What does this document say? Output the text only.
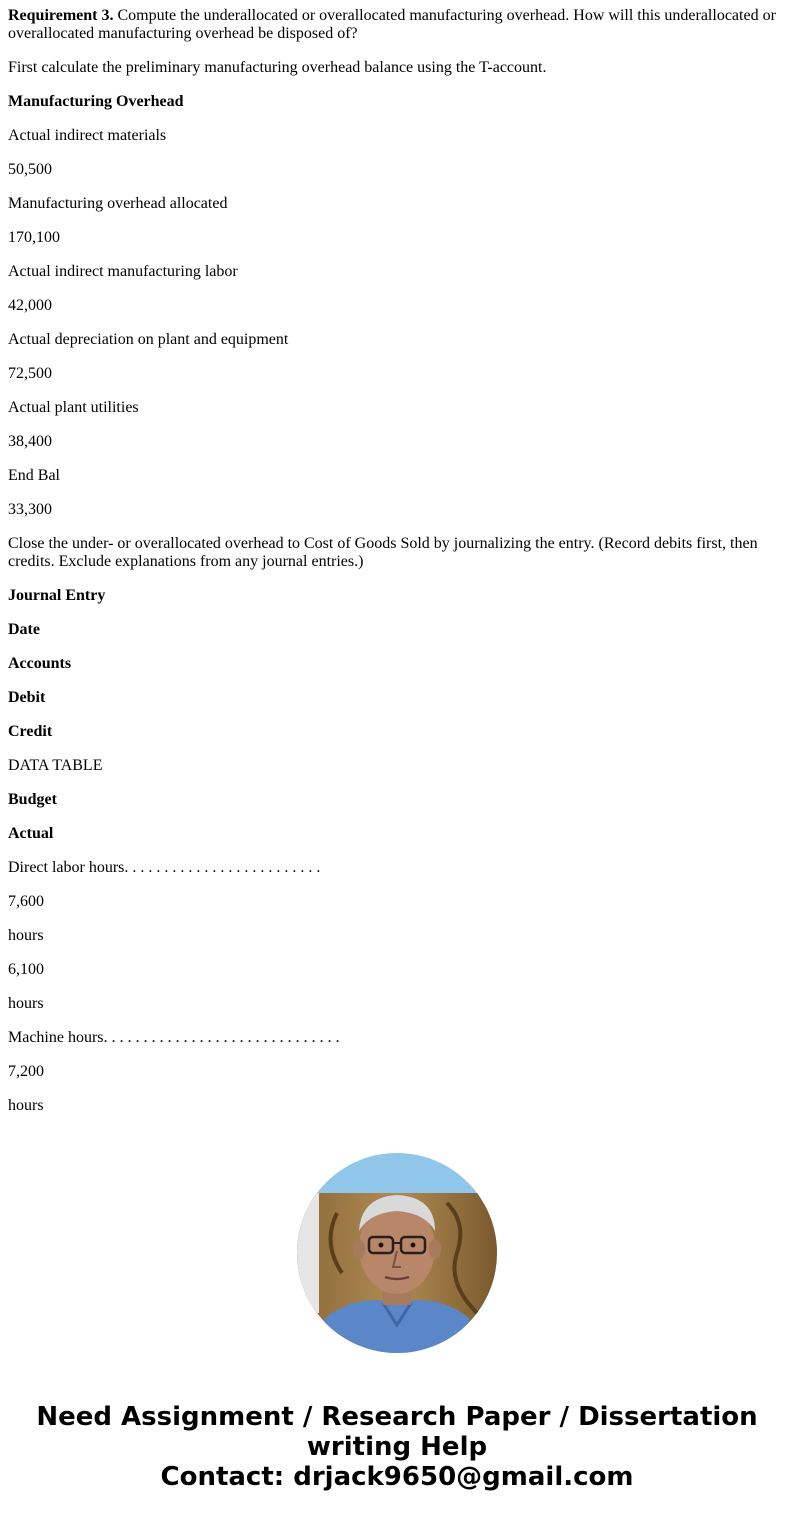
Requirement 3. Compute the underallocated or overallocated manufacturing overhead. How will this underallocated or overallocated manufacturing overhead be disposed of?

First calculate the preliminary manufacturing overhead balance using the T-account.

Manufacturing Overhead

Actual indirect materials

50,500

Manufacturing overhead allocated

170,100

Actual indirect manufacturing labor

42,000

Actual depreciation on plant and equipment

72,500

Actual plant utilities

38,400

End Bal

33,300

Close the under- or overallocated overhead to Cost of Goods Sold by journalizing the entry. (Record debits first, then credits. Exclude explanations from any journal entries.)

Journal Entry

Date

Accounts

Debit

Credit

DATA TABLE

Budget

Actual

Direct labor hours. . . . . . . . . . . . . . . . . . . . . . . . .

7,600

hours

6,100

hours

Machine hours. . . . . . . . . . . . . . . . . . . . . . . . . . . . . .

7,200

hours

Need Assignment / Research Paper / Dissertation
writing Help
Contact: drjack9650@gmail.com
